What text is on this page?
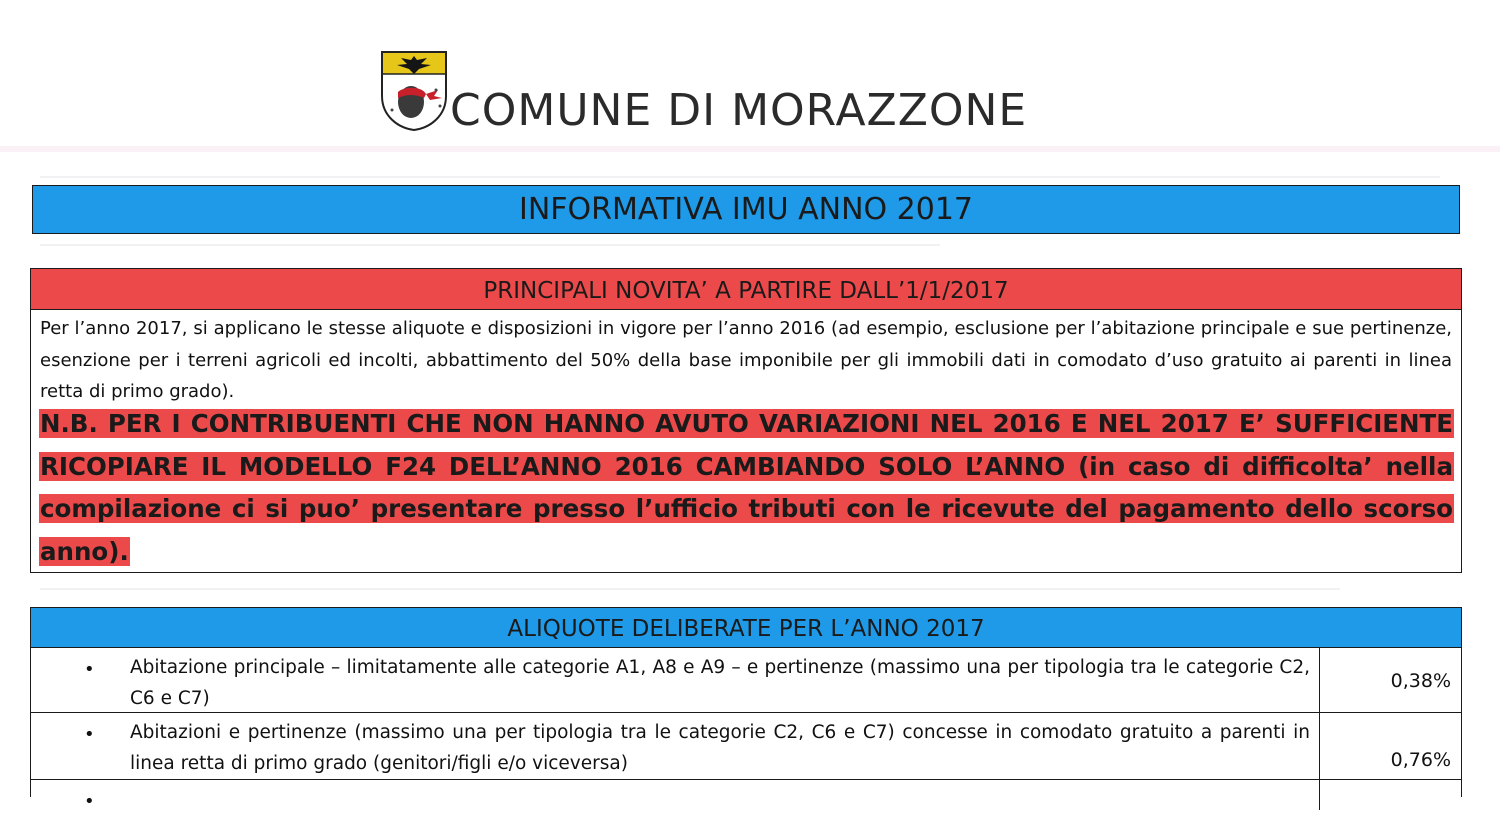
COMUNE DI MORAZZONE
INFORMATIVA IMU ANNO 2017
PRINCIPALI NOVITA’ A PARTIRE DALL’1/1/2017
Per l’anno 2017, si applicano le stesse aliquote e disposizioni in vigore per l’anno 2016 (ad esempio, esclusione per l’abitazione principale e sue pertinenze, esenzione per i terreni agricoli ed incolti, abbattimento del 50% della base imponibile per gli immobili dati in comodato d’uso gratuito ai parenti in linea retta di primo grado).
N.B. PER I CONTRIBUENTI CHE NON HANNO AVUTO VARIAZIONI NEL 2016 E NEL 2017 E’ SUFFICIENTE RICOPIARE IL MODELLO F24 DELL’ANNO 2016 CAMBIANDO SOLO L’ANNO (in caso di difficolta’ nella compilazione ci si puo’ presentare presso l’ufficio tributi con le ricevute del pagamento dello scorso anno).
ALIQUOTE DELIBERATE PER L’ANNO 2017
• Abitazione principale – limitatamente alle categorie A1, A8 e A9 – e pertinenze (massimo una per tipologia tra le categorie C2, C6 e C7)
0,38%
• Abitazioni e pertinenze (massimo una per tipologia tra le categorie C2, C6 e C7) concesse in comodato gratuito a parenti in linea retta di primo grado (genitori/figli e/o viceversa)	0,76%
•
